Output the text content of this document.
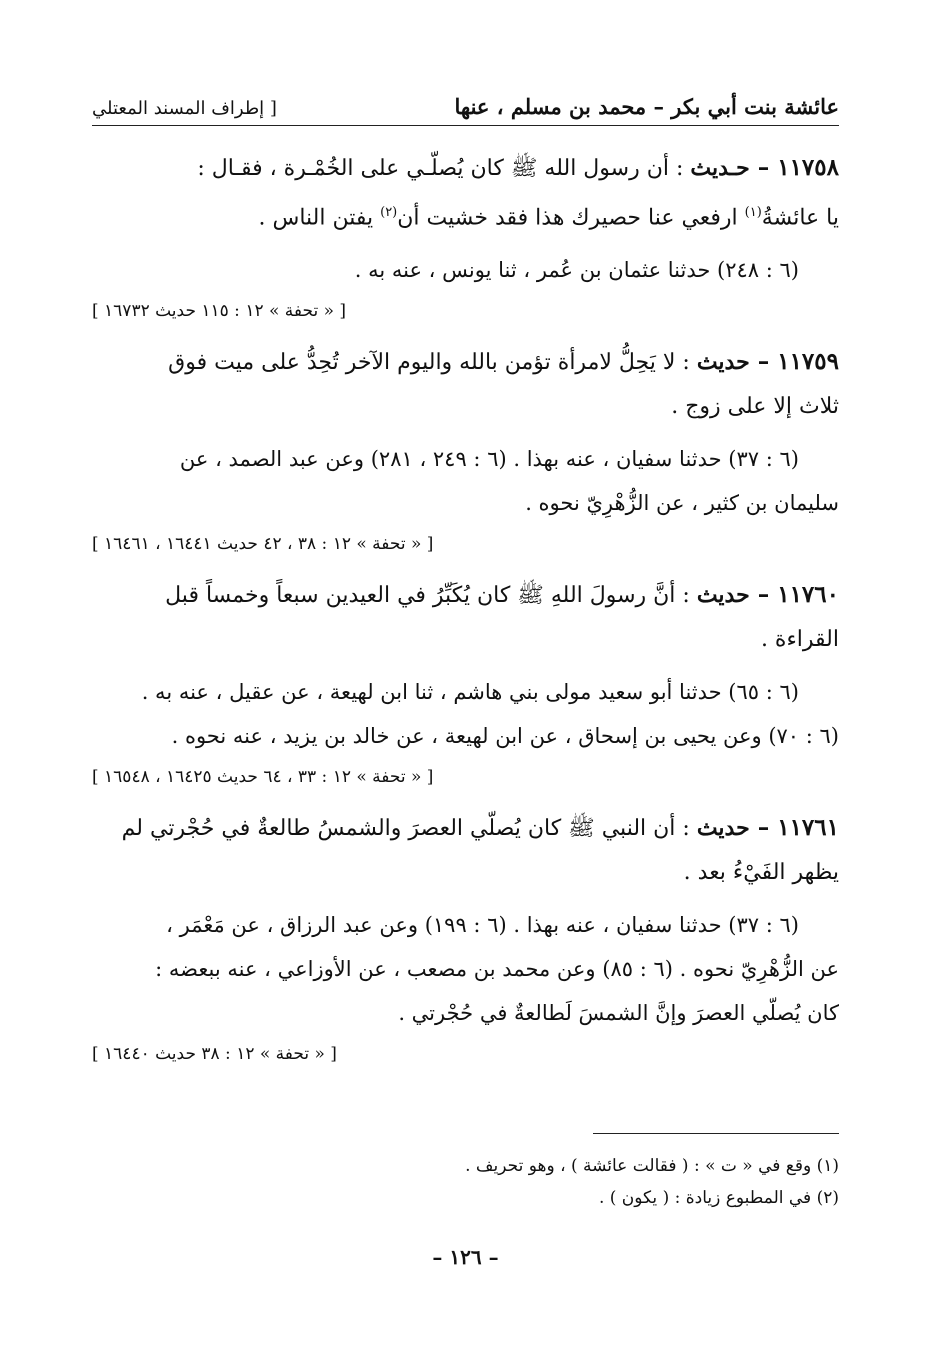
عائشة بنت أبي بكر – محمد بن مسلم ، عنها
[ إطراف المسند المعتلي
١١٧٥٨ – حـديث : أن رسول الله ﷺ كان يُصلّـي على الخُمْـرة ، فقـال :
يا عائشةُ$^{(١)}$ ارفعي عنا حصيرك هذا فقد خشيت أن$^{(٢)}$ يفتن الناس .
(٦ : ٢٤٨) حدثنا عثمان بن عُمر ، ثنا يونس ، عنه به .
[ « تحفة » ١٢ : ١١٥ حديث ١٦٧٣٢ ]
١١٧٥٩ – حديث : لا يَحِلُّ لامرأة تؤمن بالله واليوم الآخر تُحِدُّ على ميت فوق
ثلاث إلا على زوج .
(٦ : ٣٧) حدثنا سفيان ، عنه بهذا . (٦ : ٢٤٩ ، ٢٨١) وعن عبد الصمد ، عن
سليمان بن كثير ، عن الزُّهْرِيّ نحوه .
[ « تحفة » ١٢ : ٣٨ ، ٤٢ حديث ١٦٤٤١ ، ١٦٤٦١ ]
١١٧٦٠ – حديث : أنَّ رسولَ اللهِ ﷺ كان يُكَبِّرُ في العيدين سبعاً وخمساً قبل
القراءة .
(٦ : ٦٥) حدثنا أبو سعيد مولى بني هاشم ، ثنا ابن لهيعة ، عن عقيل ، عنه به .
(٦ : ٧٠) وعن يحيى بن إسحاق ، عن ابن لهيعة ، عن خالد بن يزيد ، عنه نحوه .
[ « تحفة » ١٢ : ٣٣ ، ٦٤ حديث ١٦٤٢٥ ، ١٦٥٤٨ ]
١١٧٦١ – حديث : أن النبي ﷺ كان يُصلّي العصرَ والشمسُ طالعةٌ في حُجْرتي لم
يظهر الفَيْءُ بعد .
(٦ : ٣٧) حدثنا سفيان ، عنه بهذا . (٦ : ١٩٩) وعن عبد الرزاق ، عن مَعْمَر ،
عن الزُّهْرِيّ نحوه . (٦ : ٨٥) وعن محمد بن مصعب ، عن الأوزاعي ، عنه ببعضه :
كان يُصلّي العصرَ وإنَّ الشمسَ لَطالعةٌ في حُجْرتي .
[ « تحفة » ١٢ : ٣٨ حديث ١٦٤٤٠ ]
(١) وقع في « ت » : ( فقالت عائشة ) ، وهو تحريف .
(٢) في المطبوع زيادة : ( يكون ) .
– ١٢٦ –
